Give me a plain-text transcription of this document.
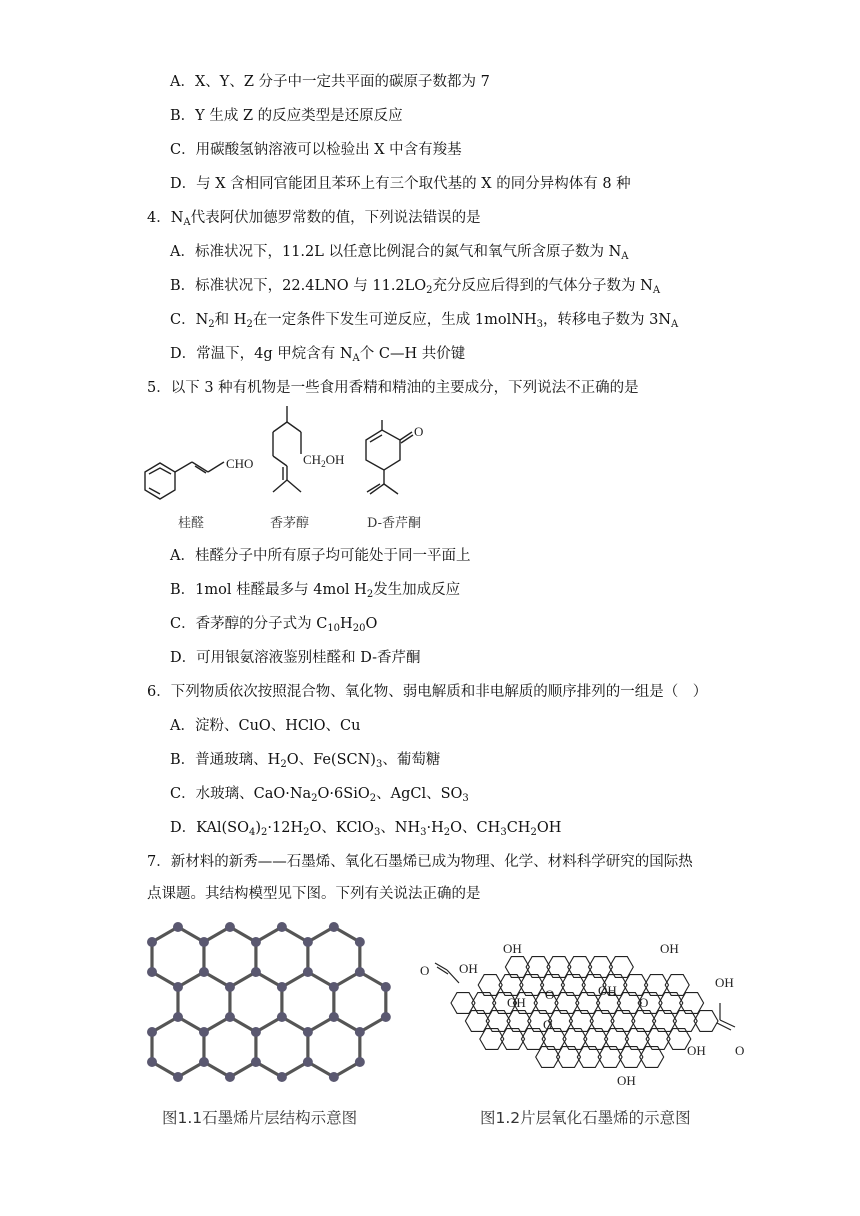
A．X、Y、Z 分子中一定共平面的碳原子数都为 7
B．Y 生成 Z 的反应类型是还原反应
C．用碳酸氢钠溶液可以检验出 X 中含有羧基
D．与 X 含相同官能团且苯环上有三个取代基的 X 的同分异构体有 8 种
4．$N_A$代表阿伏加德罗常数的值，下列说法错误的是
A．标准状况下，11.2L 以任意比例混合的氮气和氧气所含原子数为 $N_A$
B．标准状况下，22.4LNO 与 $11.2LO_2$充分反应后得到的气体分子数为 $N_A$
C．$N_2$和 $H_2$在一定条件下发生可逆反应，生成 1molNH$_3$，转移电子数为 $3N_A$
D．常温下，4g 甲烷含有 $N_A$个 C—H 共价键
5．以下 3 种有机物是一些食用香精和精油的主要成分，下列说法不正确的是
CHO	$CH_2OH$
O
桂醛	香茅醇	D-香芹酮
A．桂醛分子中所有原子均可能处于同一平面上
B．1mol 桂醛最多与 4mol $H_2$发生加成反应
C．香茅醇的分子式为 $C_{10}H_{20}O$
D．可用银氨溶液鉴别桂醛和 D-香芹酮
6．下列物质依次按照混合物、氧化物、弱电解质和非电解质的顺序排列的一组是（　）
A．淀粉、CuO、HClO、Cu
B．普通玻璃、$H_2O$、$Fe(SCN)_3$、葡萄糖
C．水玻璃、$CaO\cdot Na_2O\cdot 6SiO_2$、AgCl、$SO_3$
D．$KAl(SO_4)_2\cdot 12H_2O$、KClO$_3$、$NH_3\cdot H_2O$、$CH_3CH_2OH$
7．新材料的新秀——石墨烯、氧化石墨烯已成为物理、化学、材料科学研究的国际热
点课题。其结构模型见下图。下列有关说法正确的是
O OH
OH	OH
OH
OH
OH
O
O
O
OH O
OH
图1.1石墨烯片层结构示意图	图1.2片层氧化石墨烯的示意图
